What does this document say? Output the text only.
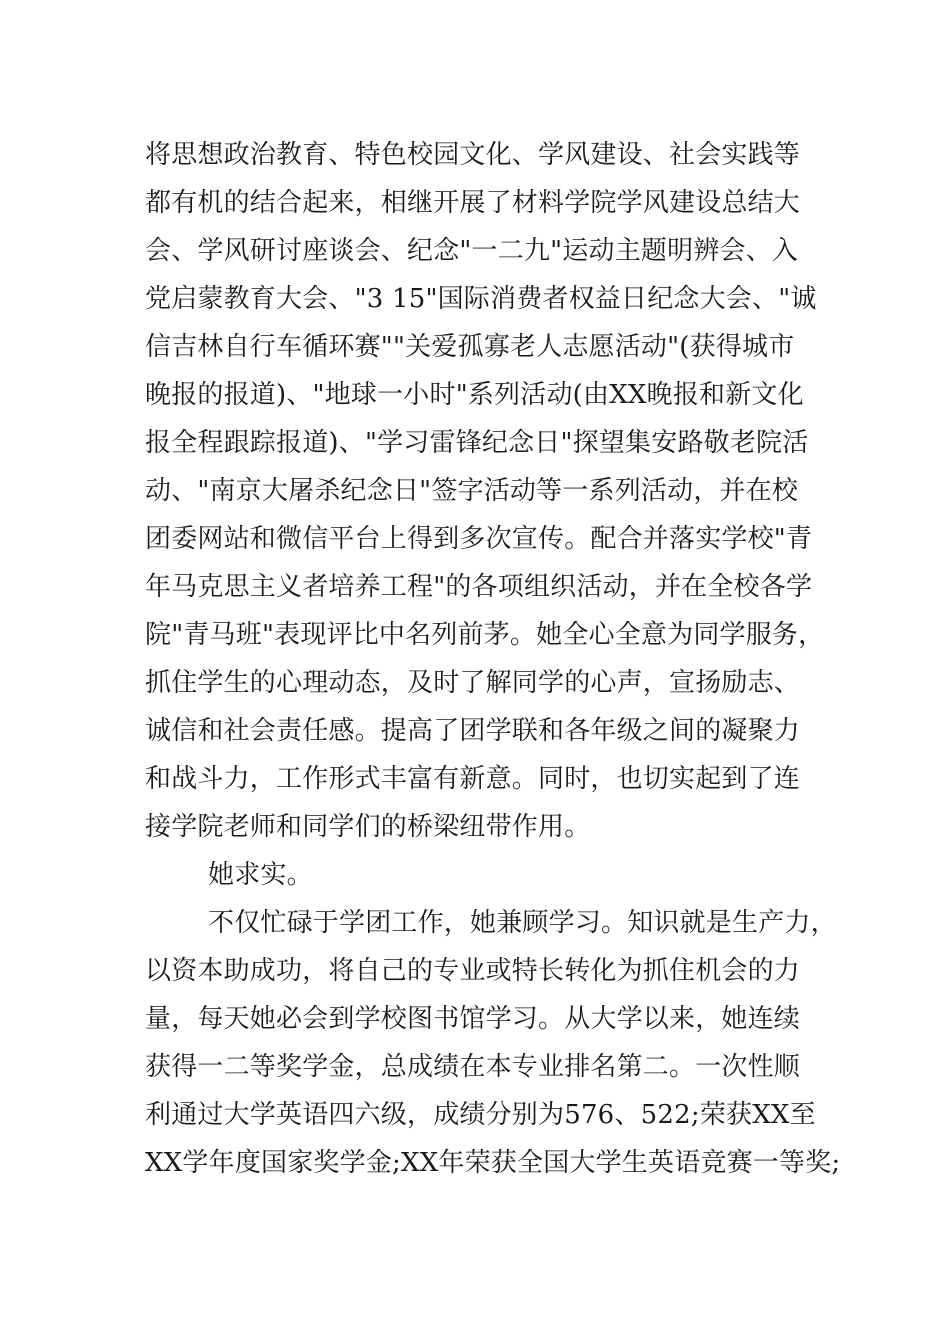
将思想政治教育、特色校园文化、学风建设、社会实践等
都有机的结合起来，相继开展了材料学院学风建设总结大
会、学风研讨座谈会、纪念"一二九"运动主题明辨会、入
党启蒙教育大会、"3 15"国际消费者权益日纪念大会、"诚
信吉林自行车循环赛""关爱孤寡老人志愿活动"(获得城市
晚报的报道)、"地球一小时"系列活动(由XX晚报和新文化
报全程跟踪报道)、"学习雷锋纪念日"探望集安路敬老院活
动、"南京大屠杀纪念日"签字活动等一系列活动，并在校
团委网站和微信平台上得到多次宣传。配合并落实学校"青
年马克思主义者培养工程"的各项组织活动，并在全校各学
院"青马班"表现评比中名列前茅。她全心全意为同学服务，
抓住学生的心理动态，及时了解同学的心声，宣扬励志、
诚信和社会责任感。提高了团学联和各年级之间的凝聚力
和战斗力，工作形式丰富有新意。同时，也切实起到了连
接学院老师和同学们的桥梁纽带作用。
她求实。
不仅忙碌于学团工作，她兼顾学习。知识就是生产力，
以资本助成功，将自己的专业或特长转化为抓住机会的力
量，每天她必会到学校图书馆学习。从大学以来，她连续
获得一二等奖学金，总成绩在本专业排名第二。一次性顺
利通过大学英语四六级，成绩分别为576、522;荣获XX至
XX学年度国家奖学金;XX年荣获全国大学生英语竞赛一等奖;
